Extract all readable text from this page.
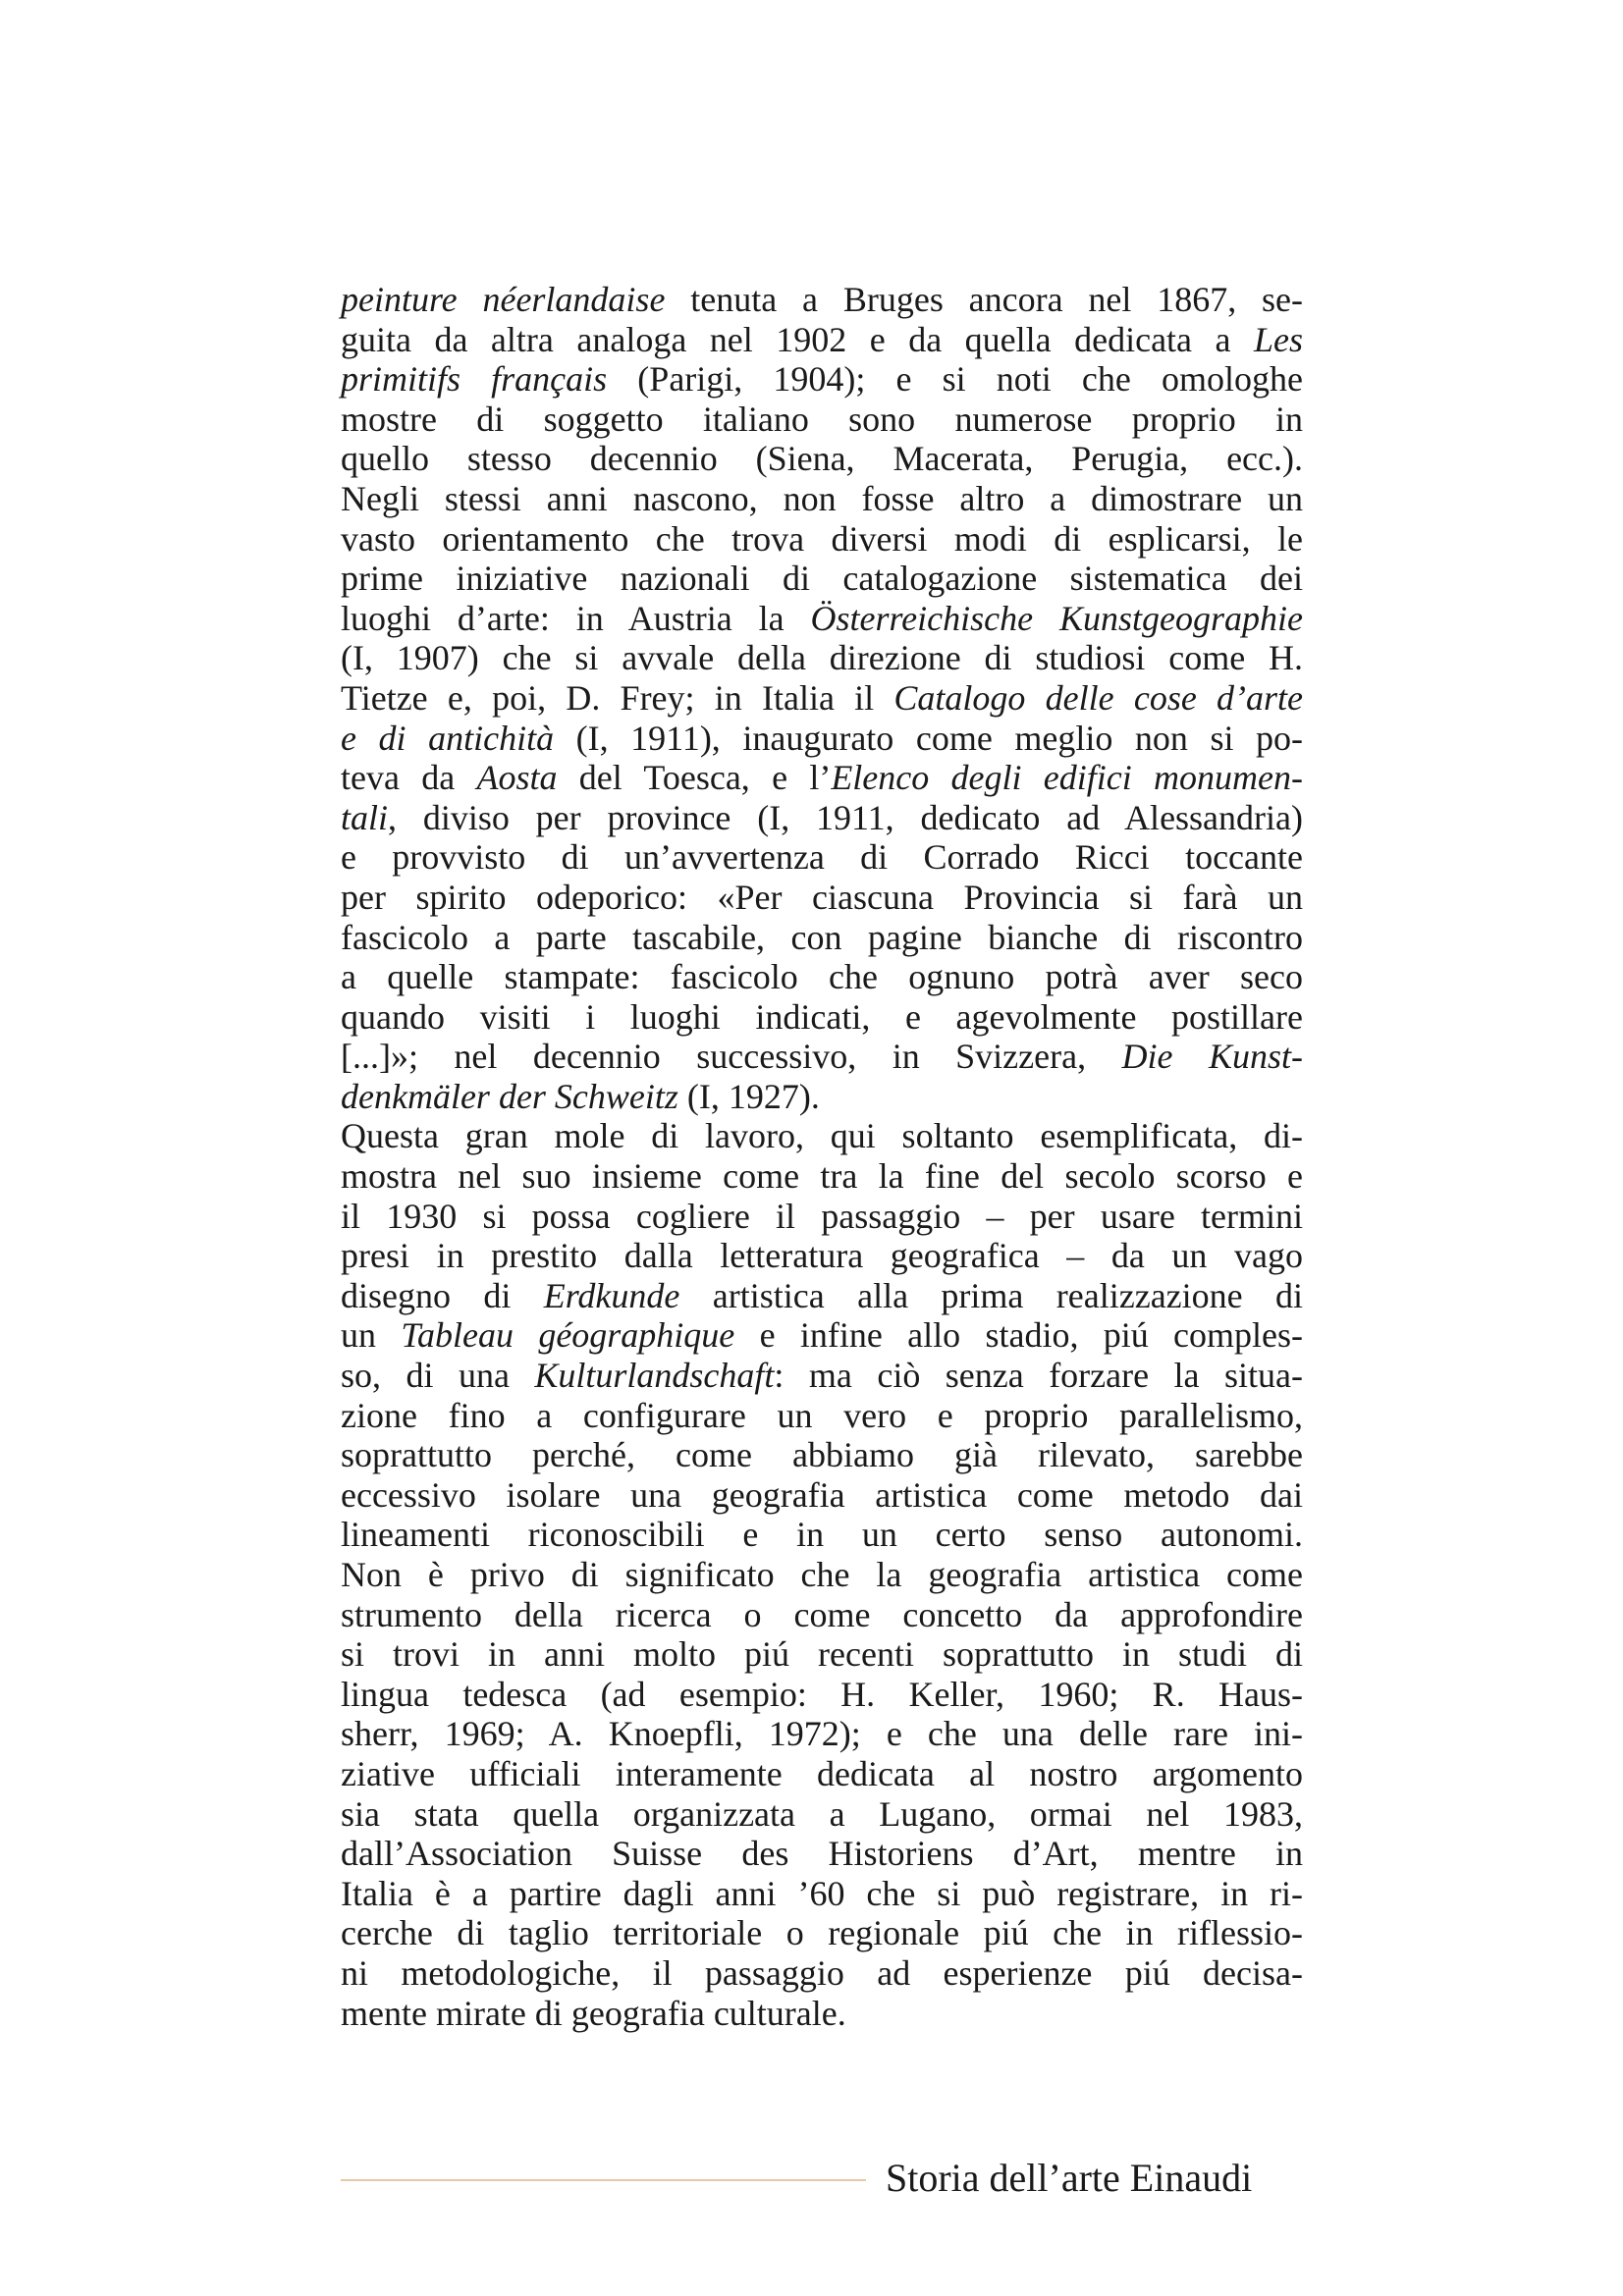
peinture néerlandaise tenuta a Bruges ancora nel 1867, se-
guita da altra analoga nel 1902 e da quella dedicata a Les
primitifs français (Parigi, 1904); e si noti che omologhe
mostre di soggetto italiano sono numerose proprio in
quello stesso decennio (Siena, Macerata, Perugia, ecc.).
Negli stessi anni nascono, non fosse altro a dimostrare un
vasto orientamento che trova diversi modi di esplicarsi, le
prime iniziative nazionali di catalogazione sistematica dei
luoghi d’arte: in Austria la Österreichische Kunstgeographie
(I, 1907) che si avvale della direzione di studiosi come H.
Tietze e, poi, D. Frey; in Italia il Catalogo delle cose d’arte
e di antichità (I, 1911), inaugurato come meglio non si po-
teva da Aosta del Toesca, e l’Elenco degli edifici monumen-
tali, diviso per province (I, 1911, dedicato ad Alessandria)
e provvisto di un’avvertenza di Corrado Ricci toccante
per spirito odeporico: «Per ciascuna Provincia si farà un
fascicolo a parte tascabile, con pagine bianche di riscontro
a quelle stampate: fascicolo che ognuno potrà aver seco
quando visiti i luoghi indicati, e agevolmente postillare
[...]»; nel decennio successivo, in Svizzera, Die Kunst-
denkmäler der Schweitz (I, 1927).
Questa gran mole di lavoro, qui soltanto esemplificata, di-
mostra nel suo insieme come tra la fine del secolo scorso e
il 1930 si possa cogliere il passaggio – per usare termini
presi in prestito dalla letteratura geografica – da un vago
disegno di Erdkunde artistica alla prima realizzazione di
un Tableau géographique e infine allo stadio, piú comples-
so, di una Kulturlandschaft: ma ciò senza forzare la situa-
zione fino a configurare un vero e proprio parallelismo,
soprattutto perché, come abbiamo già rilevato, sarebbe
eccessivo isolare una geografia artistica come metodo dai
lineamenti riconoscibili e in un certo senso autonomi.
Non è privo di significato che la geografia artistica come
strumento della ricerca o come concetto da approfondire
si trovi in anni molto piú recenti soprattutto in studi di
lingua tedesca (ad esempio: H. Keller, 1960; R. Haus-
sherr, 1969; A. Knoepfli, 1972); e che una delle rare ini-
ziative ufficiali interamente dedicata al nostro argomento
sia stata quella organizzata a Lugano, ormai nel 1983,
dall’Association Suisse des Historiens d’Art, mentre in
Italia è a partire dagli anni ’60 che si può registrare, in ri-
cerche di taglio territoriale o regionale piú che in riflessio-
ni metodologiche, il passaggio ad esperienze piú decisa-
mente mirate di geografia culturale.
Storia dell’arte Einaudi
